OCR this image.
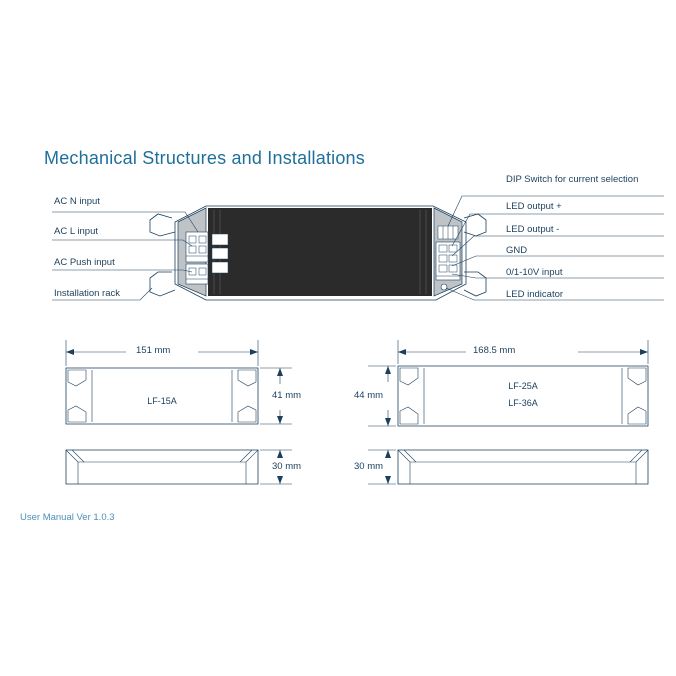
Mechanical Structures and Installations
AC N input
AC L input
AC Push input
Installation rack
DIP Switch for current selection
LED output +
LED output -
GND
0/1-10V input
LED indicator
LF-15A
LF-25A
LF-36A
151 mm
41 mm
30 mm
168.5 mm
44 mm
30 mm
User Manual Ver 1.0.3
